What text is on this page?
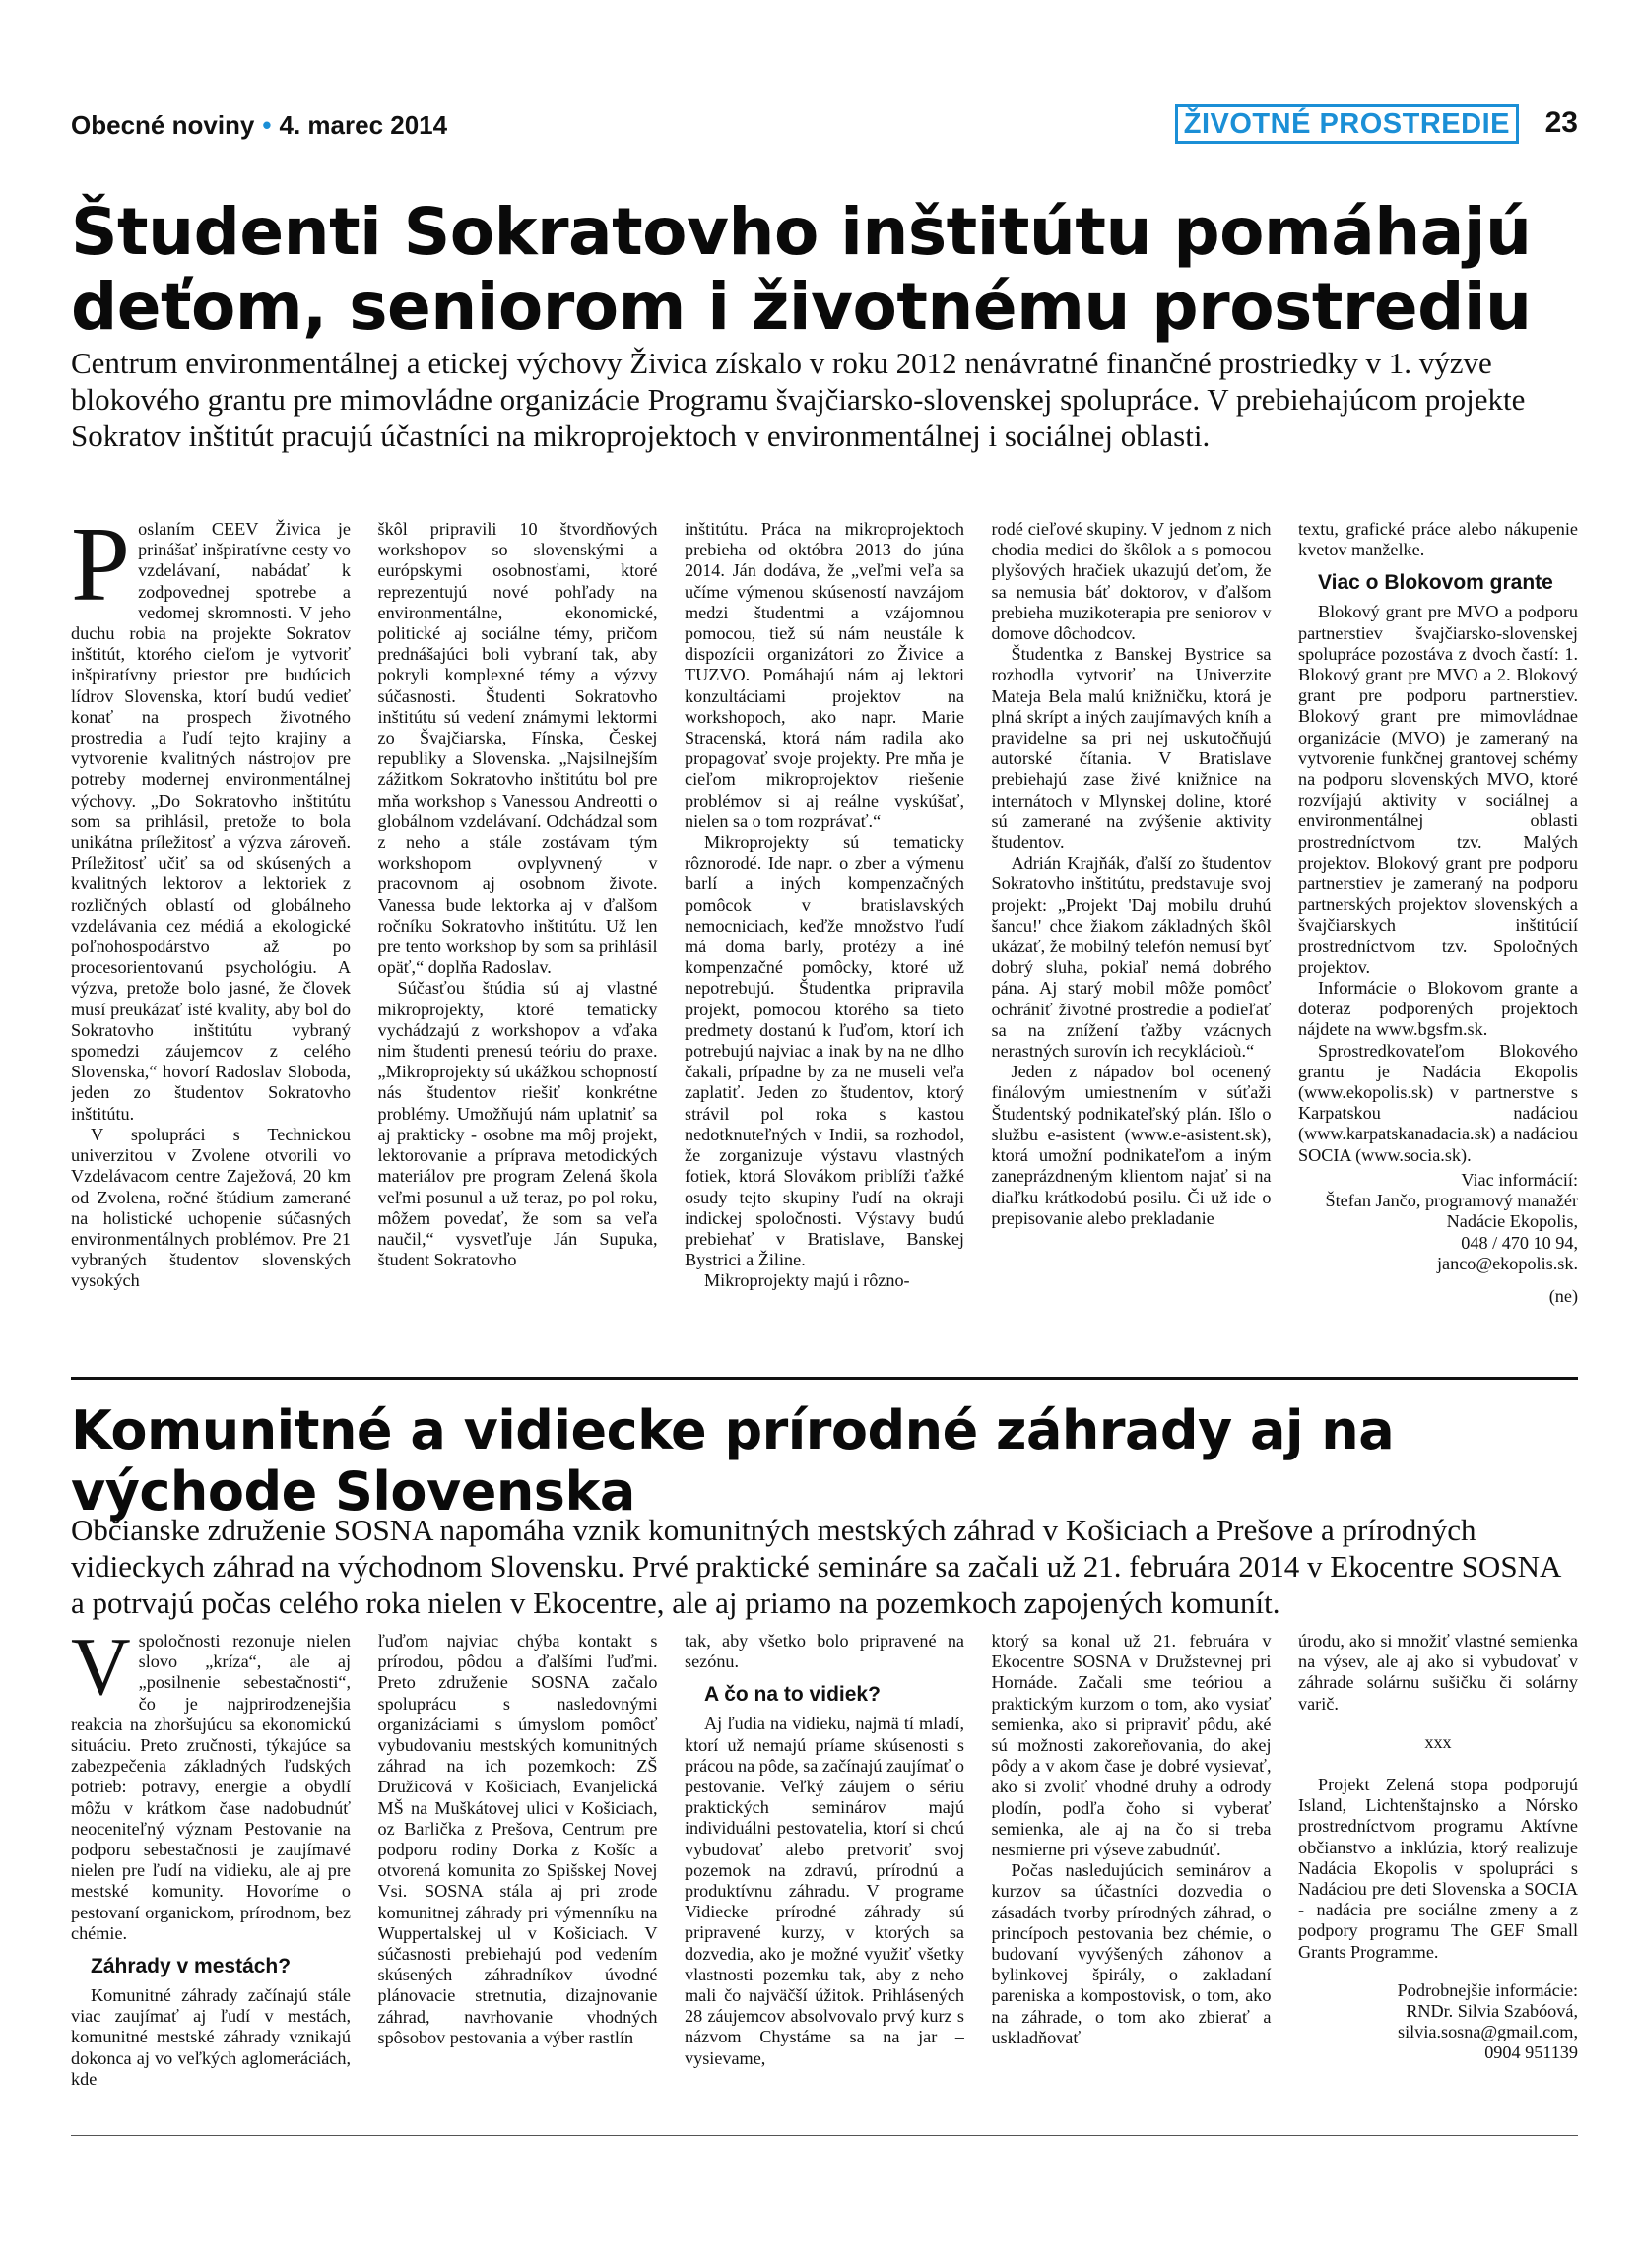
Obecné noviny • 4. marec 2014	ŽIVOTNÉ PROSTREDIE	23
Študenti Sokratovho inštitútu pomáhajú deťom, seniorom i životnému prostrediu
Centrum environmentálnej a etickej výchovy Živica získalo v roku 2012 nenávratné finančné prostriedky v 1. výzve blokového grantu pre mimovládne organizácie Programu švajčiarsko-slovenskej spolupráce. V prebiehajúcom projekte Sokratov inštitút pracujú účastníci na mikroprojektoch v environmentálnej i sociálnej oblasti.

Poslaním CEEV Živica je prinášať inšpiratívne cesty vo vzdelávaní, nabádať k zodpovednej spotrebe a vedomej skromnosti. V jeho duchu robia na projekte Sokratov inštitút, ktorého cieľom je vytvoriť inšpiratívny priestor pre budúcich lídrov Slovenska, ktorí budú vedieť konať na prospech životného prostredia a ľudí tejto krajiny a vytvorenie kvalitných nástrojov pre potreby modernej environmentálnej výchovy. „Do Sokratovho inštitútu som sa prihlásil, pretože to bola unikátna príležitosť a výzva zároveň. Príležitosť učiť sa od skúsených a kvalitných lektorov a lektoriek z rozličných oblastí od globálneho vzdelávania cez médiá a ekologické poľnohospodárstvo až po procesorientovanú psychológiu. A výzva, pretože bolo jasné, že človek musí preukázať isté kvality, aby bol do Sokratovho inštitútu vybraný spomedzi záujemcov z celého Slovenska,“ hovorí Radoslav Sloboda, jeden zo študentov Sokratovho inštitútu.

V spolupráci s Technickou univerzitou v Zvolene otvorili vo Vzdelávacom centre Zaježová, 20 km od Zvolena, ročné štúdium zamerané na holistické uchopenie súčasných environmentálnych problémov. Pre 21 vybraných študentov slovenských vysokých

škôl pripravili 10 štvordňových workshopov so slovenskými a európskymi osobnosťami, ktoré reprezentujú nové pohľady na environmentálne, ekonomické, politické aj sociálne témy, pričom prednášajúci boli vybraní tak, aby pokryli komplexné témy a výzvy súčasnosti. Študenti Sokratovho inštitútu sú vedení známymi lektormi zo Švajčiarska, Fínska, Českej republiky a Slovenska. „Najsilnejším zážitkom Sokratovho inštitútu bol pre mňa workshop s Vanessou Andreotti o globálnom vzdelávaní. Odchádzal som z neho a stále zostávam tým workshopom ovplyvnený v pracovnom aj osobnom živote. Vanessa bude lektorka aj v ďalšom ročníku Sokratovho inštitútu. Už len pre tento workshop by som sa prihlásil opäť,“ doplňa Radoslav.

Súčasťou štúdia sú aj vlastné mikroprojekty, ktoré tematicky vychádzajú z workshopov a vďaka nim študenti prenesú teóriu do praxe. „Mikroprojekty sú ukážkou schopností nás študentov riešiť konkrétne problémy. Umožňujú nám uplatniť sa aj prakticky - osobne ma môj projekt, lektorovanie a príprava metodických materiálov pre program Zelená škola veľmi posunul a už teraz, po pol roku, môžem povedať, že som sa veľa naučil,“ vysvetľuje Ján Supuka, študent Sokratovho

inštitútu. Práca na mikroprojektoch prebieha od októbra 2013 do júna 2014. Ján dodáva, že „veľmi veľa sa učíme výmenou skúseností navzájom medzi študentmi a vzájomnou pomocou, tiež sú nám neustále k dispozícii organizátori zo Živice a TUZVO. Pomáhajú nám aj lektori konzultáciami projektov na workshopoch, ako napr. Marie Stracenská, ktorá nám radila ako propagovať svoje projekty. Pre mňa je cieľom mikroprojektov riešenie problémov si aj reálne vyskúšať, nielen sa o tom rozprávať.“

Mikroprojekty sú tematicky rôznorodé. Ide napr. o zber a výmenu barlí a iných kompenzačných pomôcok v bratislavských nemocniciach, keďže množstvo ľudí má doma barly, protézy a iné kompenzačné pomôcky, ktoré už nepotrebujú. Študentka pripravila projekt, pomocou ktorého sa tieto predmety dostanú k ľuďom, ktorí ich potrebujú najviac a inak by na ne dlho čakali, prípadne by za ne museli veľa zaplatiť. Jeden zo študentov, ktorý strávil pol roka s kastou nedotknuteľných v Indii, sa rozhodol, že zorganizuje výstavu vlastných fotiek, ktorá Slovákom priblíži ťažké osudy tejto skupiny ľudí na okraji indickej spoločnosti. Výstavy budú prebiehať v Bratislave, Banskej Bystrici a Žiline.

Mikroprojekty majú i rôzno-

rodé cieľové skupiny. V jednom z nich chodia medici do škôlok a s pomocou plyšových hračiek ukazujú deťom, že sa nemusia báť doktorov, v ďalšom prebieha muzikoterapia pre seniorov v domove dôchodcov.

Študentka z Banskej Bystrice sa rozhodla vytvoriť na Univerzite Mateja Bela malú knižničku, ktorá je plná skrípt a iných zaujímavých kníh a pravidelne sa pri nej uskutočňujú autorské čítania. V Bratislave prebiehajú zase živé knižnice na internátoch v Mlynskej doline, ktoré sú zamerané na zvýšenie aktivity študentov.

Adrián Krajňák, ďalší zo študentov Sokratovho inštitútu, predstavuje svoj projekt: „Projekt 'Daj mobilu druhú šancu!' chce žiakom základných škôl ukázať, že mobilný telefón nemusí byť dobrý sluha, pokiaľ nemá dobrého pána. Aj starý mobil môže pomôcť ochrániť životné prostredie a podieľať sa na znížení ťažby vzácnych nerastných surovín ich recyklácioù.“

Jeden z nápadov bol ocenený finálovým umiestnením v súťaži Študentský podnikateľský plán. Išlo o službu e-asistent (www.e-asistent.sk), ktorá umožní podnikateľom a iným zaneprázdneným klientom najať si na diaľku krátkodobú posilu. Či už ide o prepisovanie alebo prekladanie

textu, grafické práce alebo nákupenie kvetov manželke.

Viac o Blokovom grante

Blokový grant pre MVO a podporu partnerstiev švajčiarsko-slovenskej spolupráce pozostáva z dvoch častí: 1. Blokový grant pre MVO a 2. Blokový grant pre podporu partnerstiev. Blokový grant pre mimovládnae organizácie (MVO) je zameraný na vytvorenie funkčnej grantovej schémy na podporu slovenských MVO, ktoré rozvíjajú aktivity v sociálnej a environmentálnej oblasti prostredníctvom tzv. Malých projektov. Blokový grant pre podporu partnerstiev je zameraný na podporu partnerských projektov slovenských a švajčiarskych inštitúcií prostredníctvom tzv. Spoločných projektov.

Informácie o Blokovom grante a doteraz podporených projektoch nájdete na www.bgsfm.sk.

Sprostredkovateľom Blokového grantu je Nadácia Ekopolis (www.ekopolis.sk) v partnerstve s Karpatskou nadáciou (www.karpatskanadacia.sk) a nadáciou SOCIA (www.socia.sk).

Viac informácií:

Štefan Jančo, programový manažér Nadácie Ekopolis,

048 / 470 10 94,

janco@ekopolis.sk.

(ne)

Komunitné a vidiecke prírodné záhrady aj na východe Slovenska
Občianske združenie SOSNA napomáha vznik komunitných mestských záhrad v Košiciach a Prešove a prírodných vidieckych záhrad na východnom Slovensku. Prvé praktické semináre sa začali už 21. februára 2014 v Ekocentre SOSNA a potrvajú počas celého roka nielen v Ekocentre, ale aj priamo na pozemkoch zapojených komunít.

Vspoločnosti rezonuje nielen slovo „kríza“, ale aj „posilnenie sebestačnosti“, čo je najprirodzenejšia reakcia na zhoršujúcu sa ekonomickú situáciu. Preto zručnosti, týkajúce sa zabezpečenia základných ľudských potrieb: potravy, energie a obydlí môžu v krátkom čase nadobudnúť neoceniteľný význam Pestovanie na podporu sebestačnosti je zaujímavé nielen pre ľudí na vidieku, ale aj pre mestské komunity. Hovoríme o pestovaní organickom, prírodnom, bez chémie.

Záhrady v mestách?

Komunitné záhrady začínajú stále viac zaujímať aj ľudí v mestách, komunitné mestské záhrady vznikajú dokonca aj vo veľkých aglomeráciách, kde

ľuďom najviac chýba kontakt s prírodou, pôdou a ďalšími ľuďmi. Preto združenie SOSNA začalo spoluprácu s nasledovnými organizáciami s úmyslom pomôcť vybudovaniu mestských komunitných záhrad na ich pozemkoch: ZŠ Družicová v Košiciach, Evanjelická MŠ na Muškátovej ulici v Košiciach, oz Barlička z Prešova, Centrum pre podporu rodiny Dorka z Košíc a otvorená komunita zo Spišskej Novej Vsi. SOSNA stála aj pri zrode komunitnej záhrady pri výmenníku na Wuppertalskej ul v Košiciach. V súčasnosti prebiehajú pod vedením skúsených záhradníkov úvodné plánovacie stretnutia, dizajnovanie záhrad, navrhovanie vhodných spôsobov pestovania a výber rastlín

tak, aby všetko bolo pripravené na sezónu.

A čo na to vidiek?

Aj ľudia na vidieku, najmä tí mladí, ktorí už nemajú príame skúsenosti s prácou na pôde, sa začínajú zaujímať o pestovanie. Veľký záujem o sériu praktických seminárov majú individuálni pestovatelia, ktorí si chcú vybudovať alebo pretvoriť svoj pozemok na zdravú, prírodnú a produktívnu záhradu. V programe Vidiecke prírodné záhrady sú pripravené kurzy, v ktorých sa dozvedia, ako je možné využiť všetky vlastnosti pozemku tak, aby z neho mali čo najväčší úžitok. Prihlásených 28 záujemcov absolvovalo prvý kurz s názvom Chystáme sa na jar – vysievame,

ktorý sa konal už 21. februára v Ekocentre SOSNA v Družstevnej pri Hornáde. Začali sme teóriou a praktickým kurzom o tom, ako vysiať semienka, ako si pripraviť pôdu, aké sú možnosti zakoreňovania, do akej pôdy a v akom čase je dobré vysievať, ako si zvoliť vhodné druhy a odrody plodín, podľa čoho si vyberať semienka, ale aj na čo si treba nesmierne pri výseve zabudnúť.

Počas nasledujúcich seminárov a kurzov sa účastníci dozvedia o zásadách tvorby prírodných záhrad, o princípoch pestovania bez chémie, o budovaní vyvýšených záhonov a bylinkovej špirály, o zakladaní pareniska a kompostovisk, o tom, ako na záhrade, o tom ako zbierať a uskladňovať

úrodu, ako si množiť vlastné semienka na výsev, ale aj ako si vybudovať v záhrade solárnu sušičku či solárny varič.

xxx

Projekt Zelená stopa podporujú Island, Lichtenštajnsko a Nórsko prostredníctvom programu Aktívne občianstvo a inklúzia, ktorý realizuje Nadácia Ekopolis v spolupráci s Nadáciou pre deti Slovenska a SOCIA - nadácia pre sociálne zmeny a z podpory programu The GEF Small Grants Programme.

Podrobnejšie informácie:

RNDr. Silvia Szabóová,

silvia.sosna@gmail.com,

0904 951139
